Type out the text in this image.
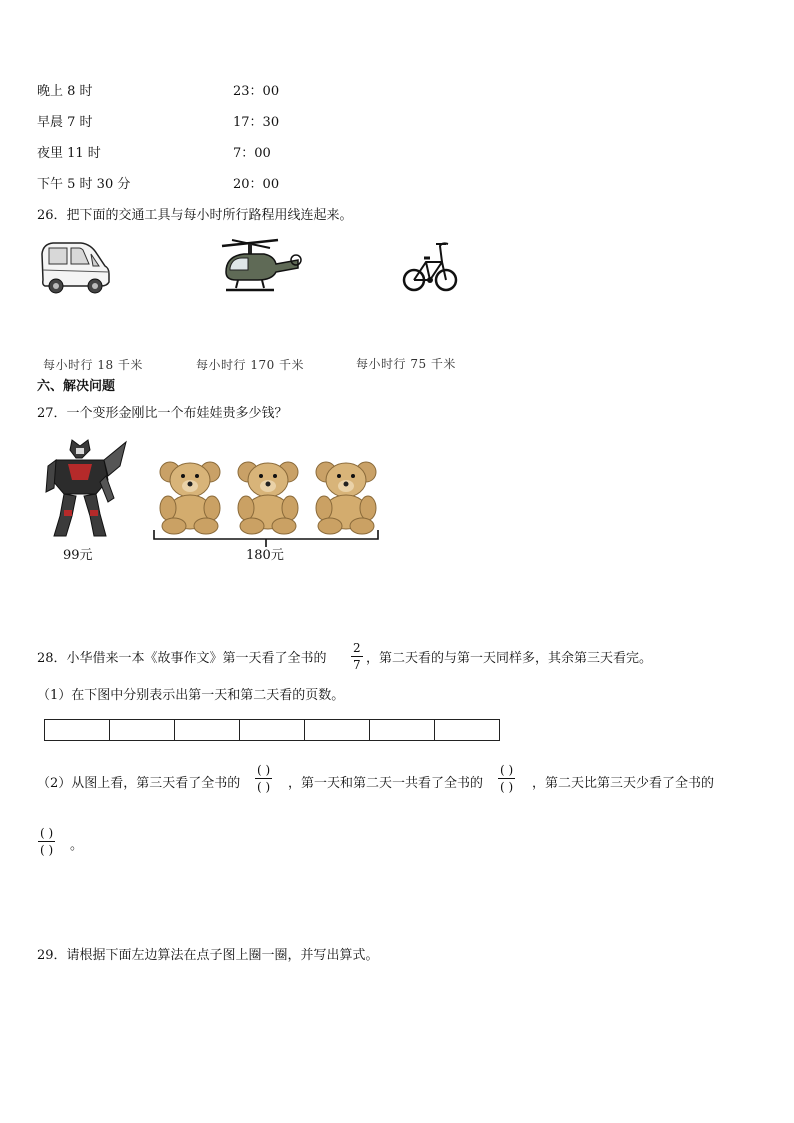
晚上 8 时	23：00
早晨 7 时	17：30
夜里 11 时	7：00
下午 5 时 30 分	20：00
26．把下面的交通工具与每小时所行路程用线连起来。
每小时行 18 千米	每小时行 170 千米	每小时行 75 千米
六、解决问题
27．一个变形金刚比一个布娃娃贵多少钱？
99元	180元
28．小华借来一本《故事作文》第一天看了全书的
2
7 ，第二天看的与第一天同样多，其余第三天看完。
（1）在下图中分别表示出第一天和第二天看的页数。
（2）从图上看，第三天看了全书的
( )
( ) ，第一天和第二天一共看了全书的
( )
( ) ，第二天比第三天少看了全书的
( )
( ) 。
29．请根据下面左边算法在点子图上圈一圈，并写出算式。
